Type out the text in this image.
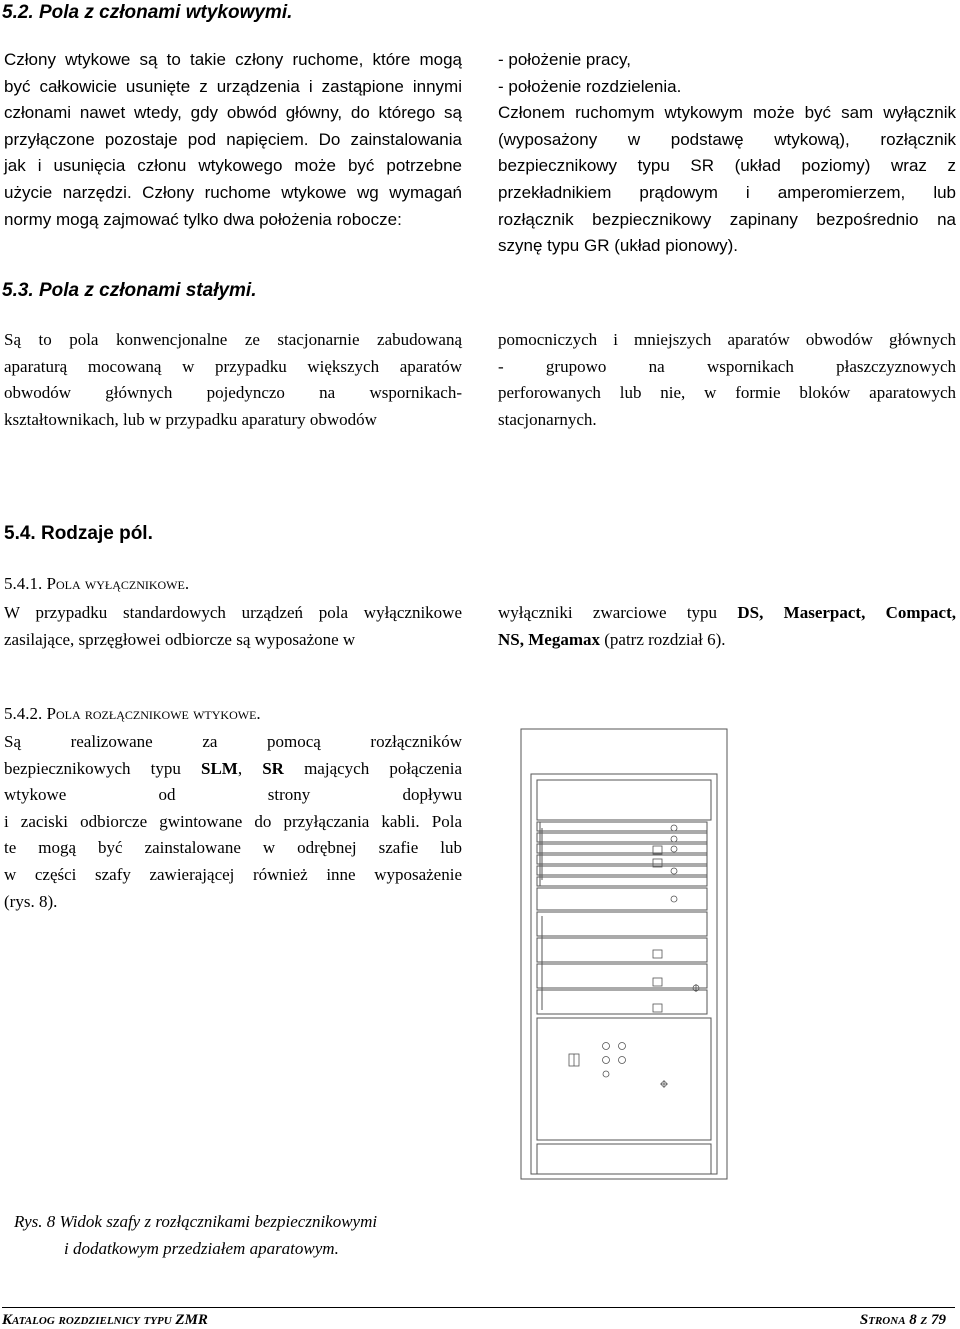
5.2. Pola z członami wtykowymi.
Człony wtykowe są to takie człony ruchome, które mogą
być całkowicie usunięte z urządzenia i zastąpione innymi
członami nawet wtedy, gdy obwód główny, do którego są
przyłączone pozostaje pod napięciem. Do zainstalowania
jak i usunięcia członu wtykowego może być potrzebne
użycie narzędzi. Człony ruchome wtykowe wg wymagań
normy mogą zajmować tylko dwa położenia robocze:
- położenie pracy,
- położenie rozdzielenia.
Członem ruchomym wtykowym może być sam wyłącznik
(wyposażony w podstawę wtykową), rozłącznik
bezpiecznikowy typu SR (układ poziomy) wraz z
przekładnikiem prądowym i amperomierzem, lub
rozłącznik bezpiecznikowy zapinany bezpośrednio na
szynę typu GR (układ pionowy).
5.3. Pola z członami stałymi.
Są to pola konwencjonalne ze stacjonarnie zabudowaną
aparaturą mocowaną w przypadku większych aparatów
obwodów głównych pojedynczo na wspornikach-
kształtownikach, lub w przypadku aparatury obwodów
pomocniczych i mniejszych aparatów obwodów głównych
- grupowo na wspornikach płaszczyznowych
perforowanych lub nie, w formie bloków aparatowych
stacjonarnych.
5.4. Rodzaje pól.
5.4.1. Pola wyłącznikowe.
W przypadku standardowych urządzeń pola wyłącznikowe
zasilające, sprzęgłowei odbiorcze są wyposażone w
wyłączniki zwarciowe typu DS, Maserpact, Compact,
NS, Megamax (patrz rozdział 6).
5.4.2. Pola rozłącznikowe wtykowe.
Są realizowane za pomocą rozłączników
bezpiecznikowych typu SLM, SR mających połączenia
wtykowe od strony dopływu
i zaciski odbiorcze gwintowane do przyłączania kabli. Pola
te mogą być zainstalowane w odrębnej szafie lub
w części szafy zawierającej również inne wyposażenie
(rys. 8).
Rys. 8 Widok szafy z rozłącznikami bezpiecznikowymi
i dodatkowym przedziałem aparatowym.
Katalog rozdzielnicy typu ZMR	Strona 8 z 79
